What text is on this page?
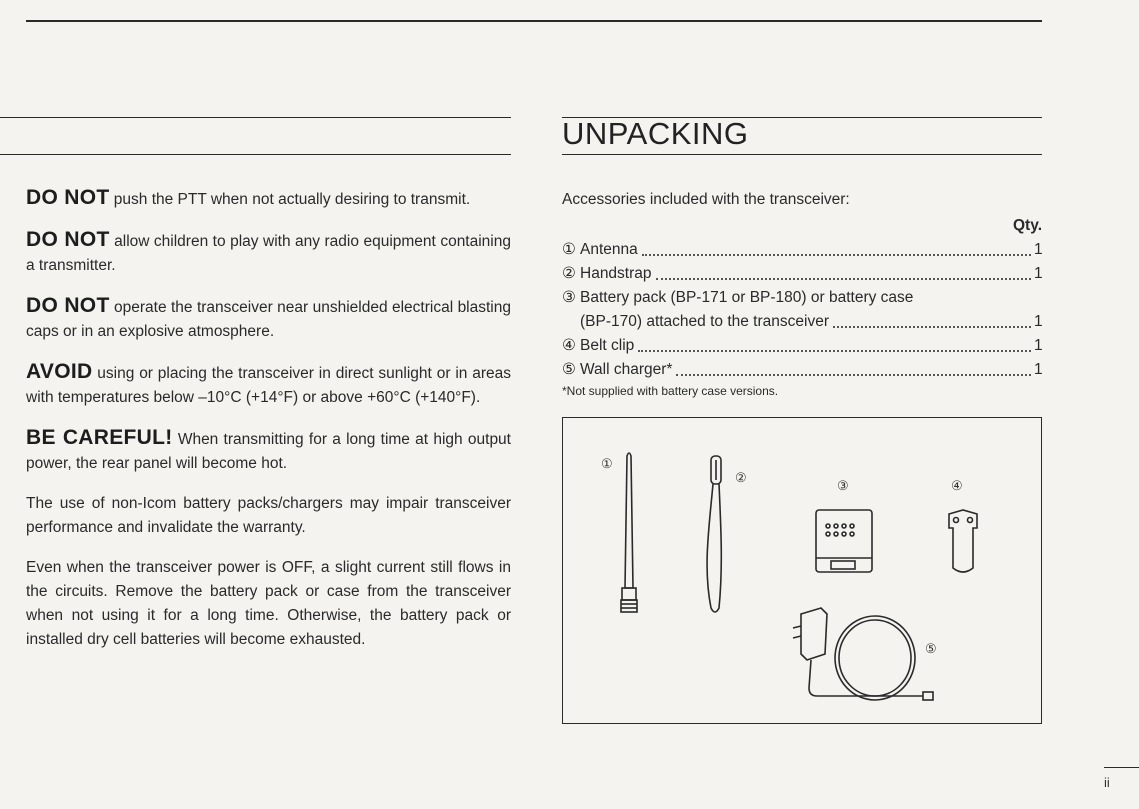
DO NOT push the PTT when not actually desiring to transmit.

DO NOT allow children to play with any radio equipment containing a transmitter.

DO NOT operate the transceiver near unshielded electrical blasting caps or in an explosive atmosphere.

AVOID using or placing the transceiver in direct sunlight or in areas with temperatures below –10°C (+14°F) or above +60°C (+140°F).

BE CAREFUL! When transmitting for a long time at high output power, the rear panel will become hot.

The use of non-Icom battery packs/chargers may impair transceiver performance and invalidate the warranty.

Even when the transceiver power is OFF, a slight current still flows in the circuits. Remove the battery pack or case from the transceiver when not using it for a long time. Otherwise, the battery pack or installed dry cell batteries will become exhausted.

UNPACKING
Accessories included with the transceiver:
Qty.
① Antenna	1
② Handstrap	1
③ Battery pack (BP-171 or BP-180) or battery case
(BP-170) attached to the transceiver	1
④ Belt clip	1
⑤ Wall charger*	1
*Not supplied with battery case versions.
①
②
③	④
⑤
ii
